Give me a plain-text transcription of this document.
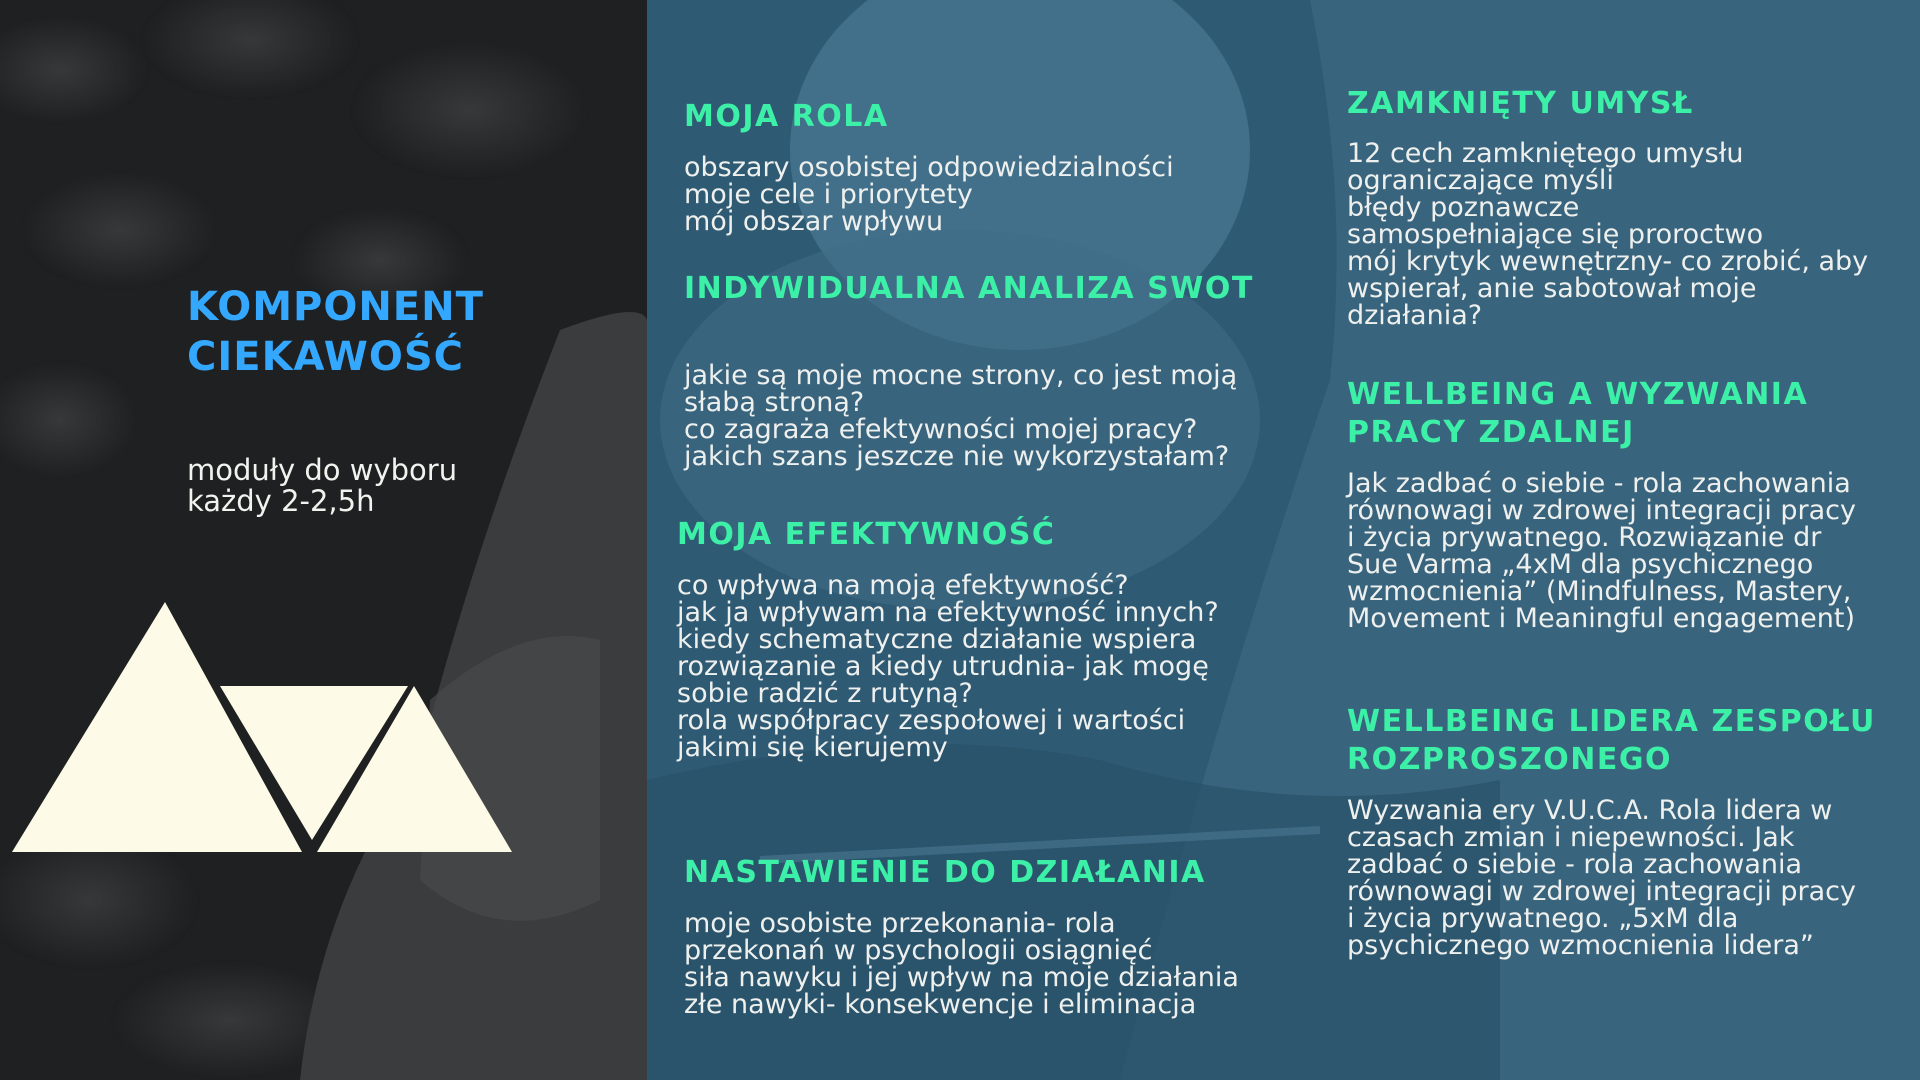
KOMPONENT
CIEKAWOŚĆ
moduły do wyboru
każdy 2-2,5h
MOJA ROLA
obszary osobistej odpowiedzialności
moje cele i priorytety
mój obszar wpływu
INDYWIDUALNA ANALIZA SWOT
jakie są moje mocne strony, co jest moją
słabą stroną?
co zagraża efektywności mojej pracy?
jakich szans jeszcze nie wykorzystałam?
MOJA EFEKTYWNOŚĆ
co wpływa na moją efektywność?
jak ja wpływam na efektywność innych?
kiedy schematyczne działanie wspiera
rozwiązanie a kiedy utrudnia- jak mogę
sobie radzić z rutyną?
rola współpracy zespołowej i wartości
jakimi się kierujemy
NASTAWIENIE DO DZIAŁANIA
moje osobiste przekonania- rola
przekonań w psychologii osiągnięć
siła nawyku i jej wpływ na moje działania
złe nawyki- konsekwencje i eliminacja
ZAMKNIĘTY UMYSŁ
12 cech zamkniętego umysłu
ograniczające myśli
błędy poznawcze
samospełniające się proroctwo
mój krytyk wewnętrzny- co zrobić, aby
wspierał, anie sabotował moje
działania?
WELLBEING A WYZWANIA
PRACY ZDALNEJ
Jak zadbać o siebie - rola zachowania
równowagi w zdrowej integracji pracy
i życia prywatnego. Rozwiązanie dr
Sue Varma „4xM dla psychicznego
wzmocnienia” (Mindfulness, Mastery,
Movement i Meaningful engagement)
WELLBEING LIDERA ZESPOŁU
ROZPROSZONEGO
Wyzwania ery V.U.C.A. Rola lidera w
czasach zmian i niepewności. Jak
zadbać o siebie - rola zachowania
równowagi w zdrowej integracji pracy
i życia prywatnego. „5xM dla
psychicznego wzmocnienia lidera”
